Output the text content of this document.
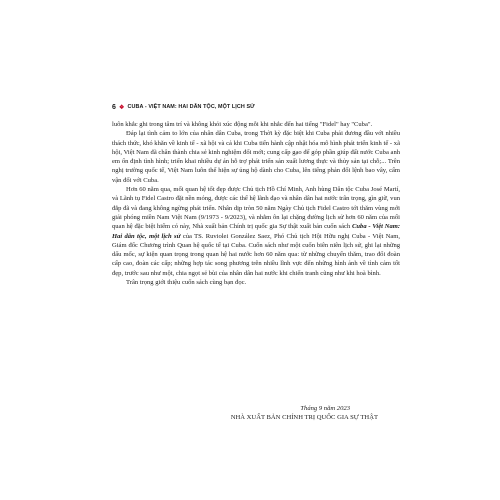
6 ❖ CUBA - VIỆT NAM: HAI DÂN TỘC, MỘT LỊCH SỬ

luôn khắc ghi trong tâm trí và không khỏi xúc động mỗi khi nhắc đến hai tiếng "Fidel" hay "Cuba".

Đáp lại tình cảm to lớn của nhân dân Cuba, trong Thời kỳ đặc biệt khi Cuba phải đương đầu với nhiều thách thức, khó khăn về kinh tế - xã hội và cả khi Cuba tiến hành cập nhật hóa mô hình phát triển kinh tế - xã hội, Việt Nam đã chân thành chia sẻ kinh nghiệm đổi mới; cung cấp gạo để góp phần giúp đất nước Cuba anh em ổn định tình hình; triển khai nhiều dự án hỗ trợ phát triển sản xuất lương thực và thủy sản tại chỗ;... Trên nghị trường quốc tế, Việt Nam luôn thể hiện sự ủng hộ dành cho Cuba, lên tiếng phản đối lệnh bao vây, cấm vận đối với Cuba.

Hơn 60 năm qua, mối quan hệ tốt đẹp được Chủ tịch Hồ Chí Minh, Anh hùng Dân tộc Cuba José Martí, và Lãnh tụ Fidel Castro đặt nền móng, được các thế hệ lãnh đạo và nhân dân hai nước trân trọng, gìn giữ, vun đắp đã và đang không ngừng phát triển. Nhân dịp tròn 50 năm Ngày Chủ tịch Fidel Castro tới thăm vùng mới giải phóng miền Nam Việt Nam (9/1973 - 9/2023), và nhằm ôn lại chặng đường lịch sử hơn 60 năm của mối quan hệ đặc biệt hiếm có này, Nhà xuất bản Chính trị quốc gia Sự thật xuất bản cuốn sách Cuba - Việt Nam: Hai dân tộc, một lịch sử của TS. Ruviolei González Saez, Phó Chủ tịch Hội Hữu nghị Cuba - Việt Nam, Giám đốc Chương trình Quan hệ quốc tế tại Cuba. Cuốn sách như một cuốn biên niên lịch sử, ghi lại những dấu mốc, sự kiện quan trọng trong quan hệ hai nước hơn 60 năm qua: từ những chuyến thăm, trao đổi đoàn cấp cao, đoàn các cấp; những hợp tác song phương trên nhiều lĩnh vực đến những hình ảnh về tình cảm tốt đẹp, trước sau như một, chia ngọt sẻ bùi của nhân dân hai nước khi chiến tranh cũng như khi hoà bình.

Trân trọng giới thiệu cuốn sách cùng bạn đọc.

Tháng 9 năm 2023
NHÀ XUẤT BẢN CHÍNH TRỊ QUỐC GIA SỰ THẬT
